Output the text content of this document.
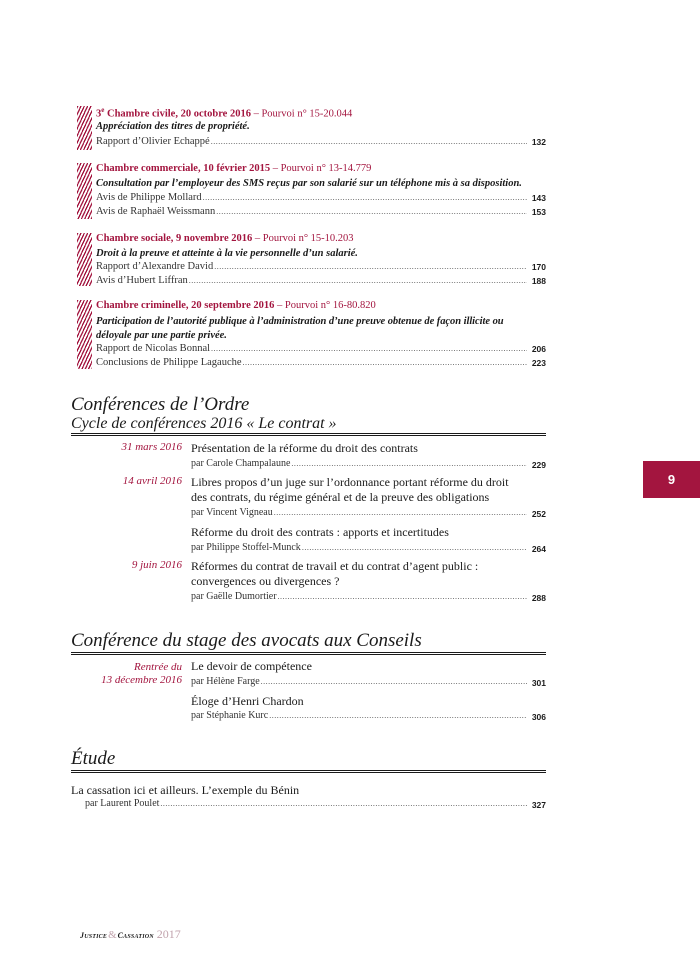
3e Chambre civile, 20 octobre 2016 – Pourvoi n° 15-20.044
Appréciation des titres de propriété.
Rapport d’Olivier Echappé .....	132
Chambre commerciale, 10 février 2015 – Pourvoi n° 13-14.779
Consultation par l’employeur des SMS reçus par son salarié sur un téléphone mis à sa disposition.
Avis de Philippe Mollard .....	143
Avis de Raphaël Weissmann .....	153
Chambre sociale, 9 novembre 2016 – Pourvoi n° 15-10.203
Droit à la preuve et atteinte à la vie personnelle d’un salarié.
Rapport d’Alexandre David .....	170
Avis d’Hubert Liffran .....	188
Chambre criminelle, 20 septembre 2016 – Pourvoi n° 16-80.820
Participation de l’autorité publique à l’administration d’une preuve obtenue de façon illicite ou
déloyale par une partie privée.
Rapport de Nicolas Bonnal .....	206
Conclusions de Philippe Lagauche .....	223
Conférences de l’Ordre
Cycle de conférences 2016 « Le contrat »
31 mars 2016 Présentation de la réforme du droit des contrats
par Carole Champalaune .....	229
14 avril 2016 Libres propos d’un juge sur l’ordonnance portant réforme du droit
des contrats, du régime général et de la preuve des obligations
par Vincent Vigneau .....	252
Réforme du droit des contrats : apports et incertitudes
par Philippe Stoffel-Munck .....	264
9 juin 2016 Réformes du contrat de travail et du contrat d’agent public :
convergences ou divergences ?
par Gaëlle Dumortier .....	288
Conférence du stage des avocats aux Conseils
Rentrée du
13 décembre 2016
Le devoir de compétence
par Hélène Farge .....	301
Éloge d’Henri Chardon
par Stéphanie Kurc .....	306
Étude
La cassation ici et ailleurs. L’exemple du Bénin
par Laurent Poulet .....	327
9
Justice&Cassation 2017
